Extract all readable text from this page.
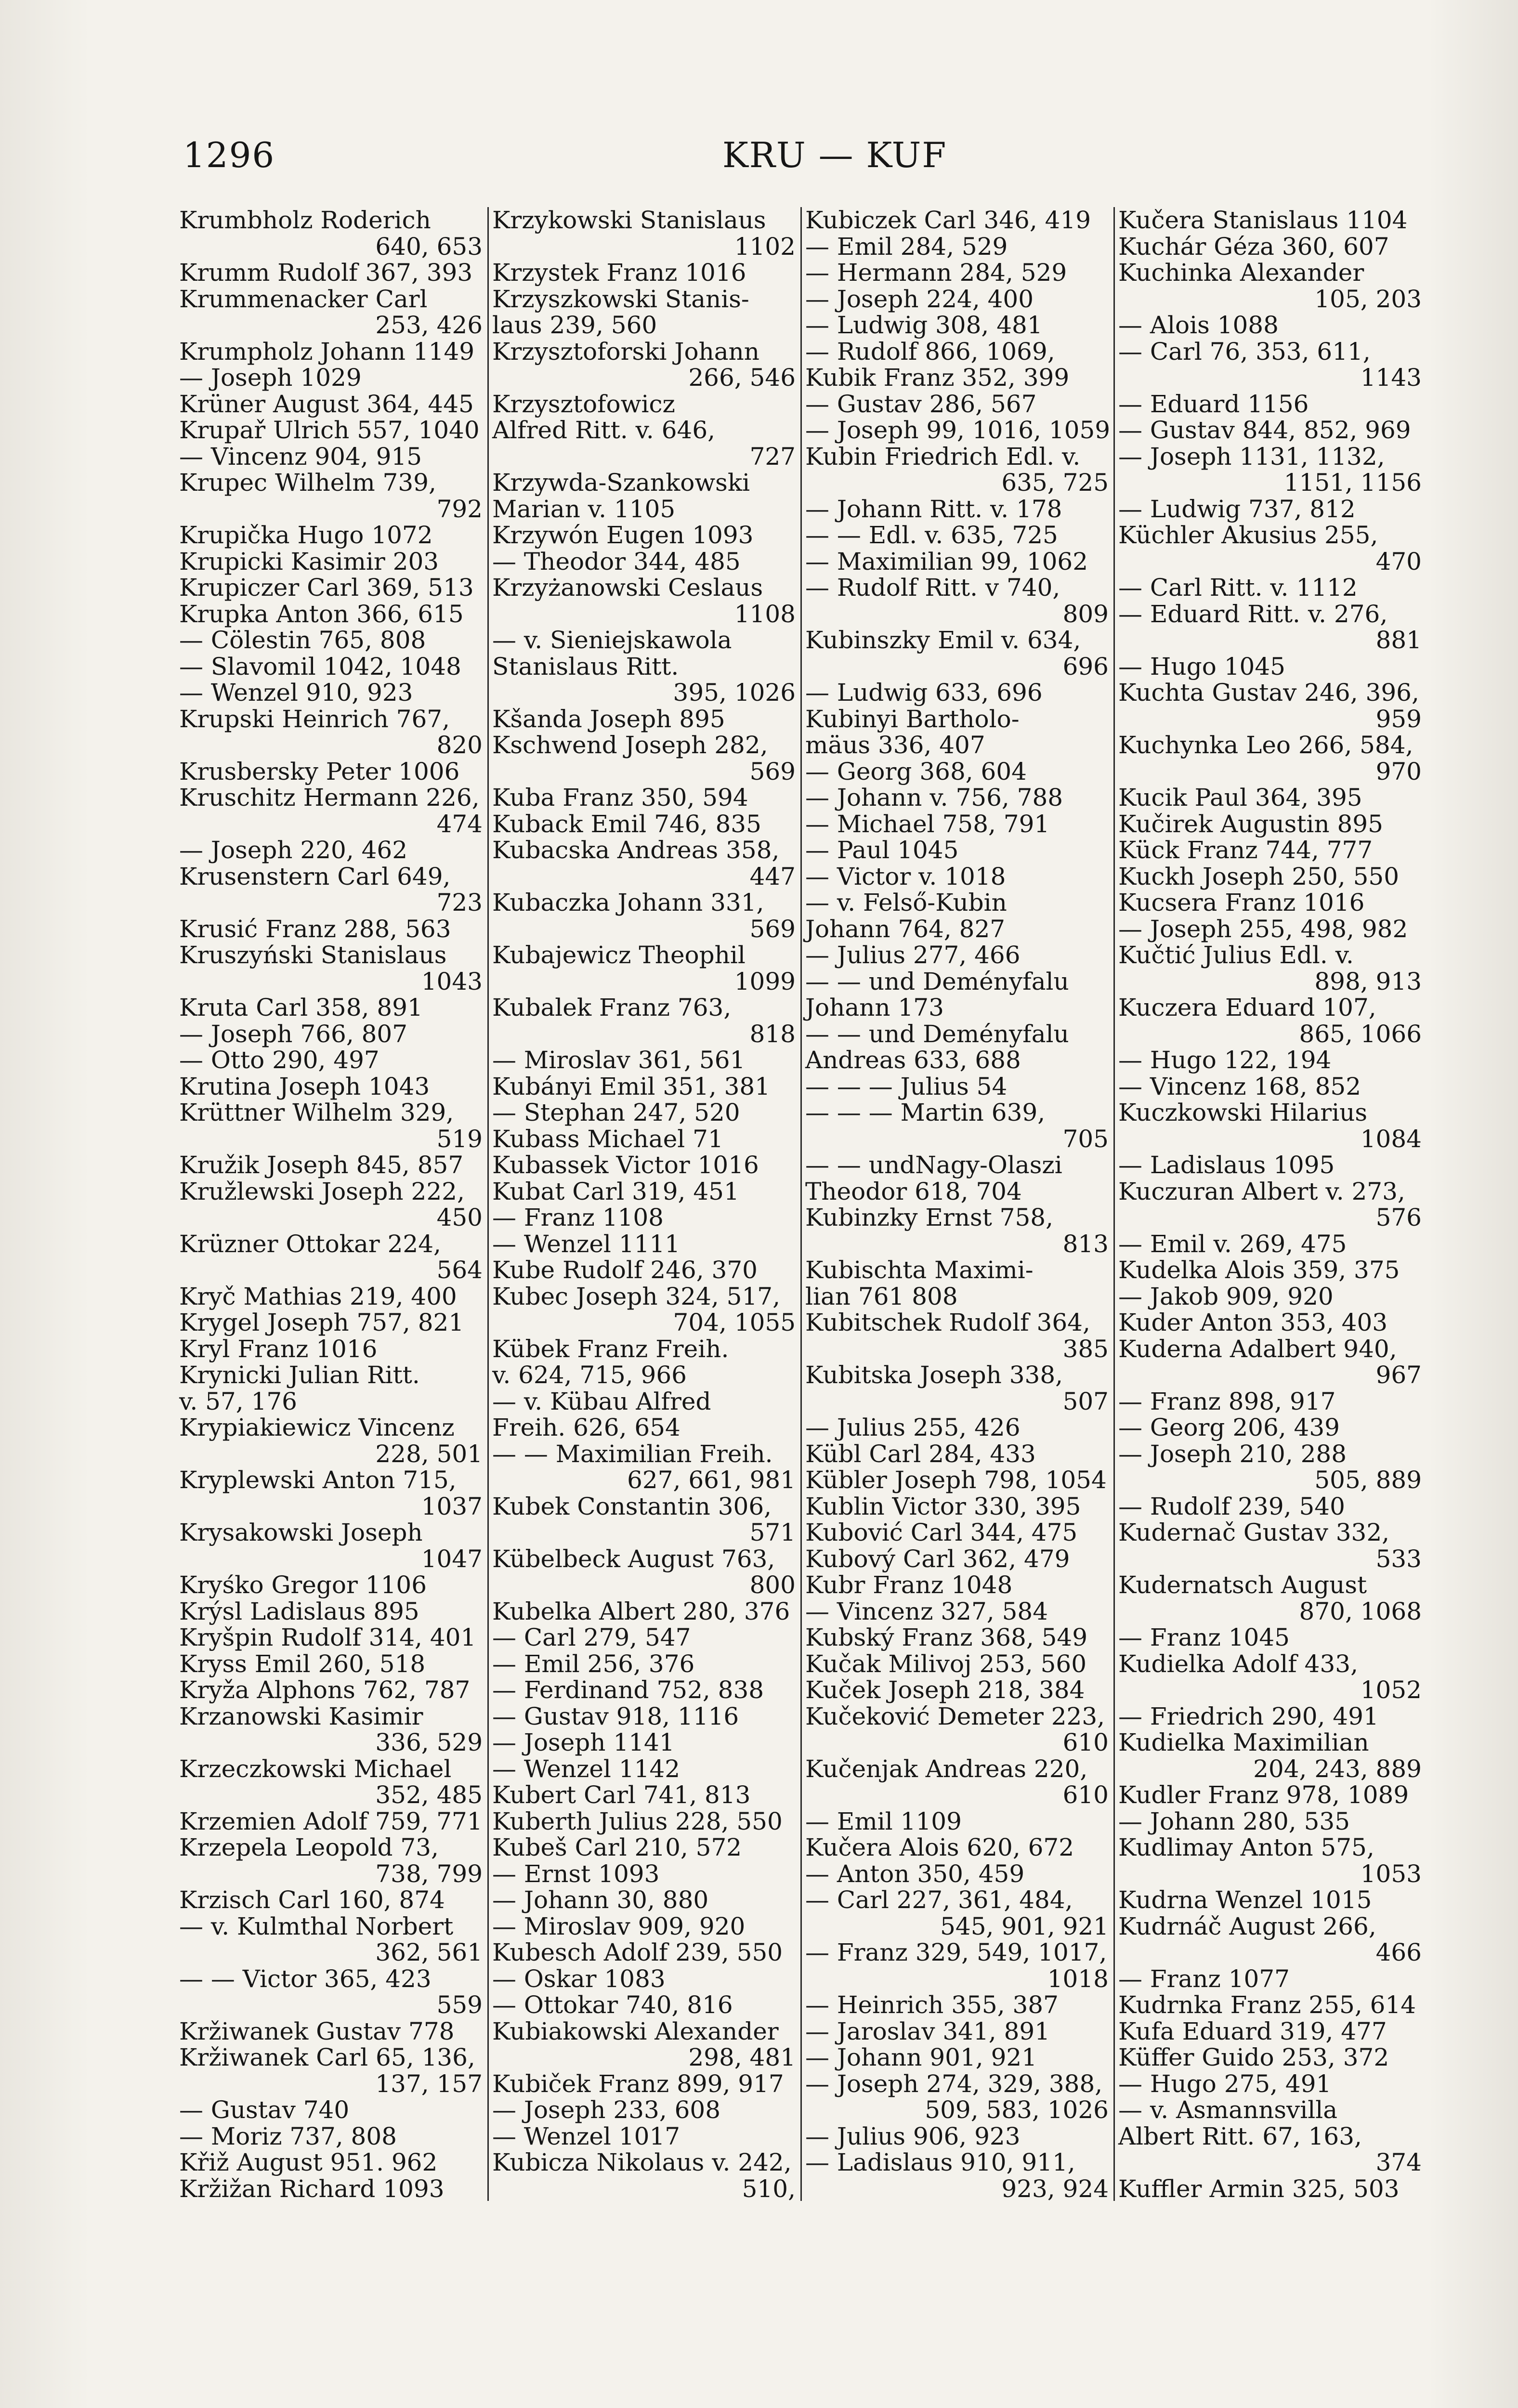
1296	KRU — KUF
Krumbholz Roderich
640, 653
Krumm Rudolf 367, 393
Krummenacker Carl
253, 426
Krumpholz Johann 1149
— Joseph 1029
Krüner August 364, 445
Krupař Ulrich 557, 1040
— Vincenz 904, 915
Krupec Wilhelm 739,
792
Krupička Hugo 1072
Krupicki Kasimir 203
Krupiczer Carl 369, 513
Krupka Anton 366, 615
— Cölestin 765, 808
— Slavomil 1042, 1048
— Wenzel 910, 923
Krupski Heinrich 767,
820
Krusbersky Peter 1006
Kruschitz Hermann 226,
474
— Joseph 220, 462
Krusenstern Carl 649,
723
Krusić Franz 288, 563
Kruszyński Stanislaus
1043
Kruta Carl 358, 891
— Joseph 766, 807
— Otto 290, 497
Krutina Joseph 1043
Krüttner Wilhelm 329,
519
Kružik Joseph 845, 857
Kružlewski Joseph 222,
450
Krüzner Ottokar 224,
564
Kryč Mathias 219, 400
Krygel Joseph 757, 821
Kryl Franz 1016
Krynicki Julian Ritt.
v. 57, 176
Krypiakiewicz Vincenz
228, 501
Kryplewski Anton 715,
1037
Krysakowski Joseph
1047
Kryśko Gregor 1106
Krýsl Ladislaus 895
Kryšpin Rudolf 314, 401
Kryss Emil 260, 518
Kryža Alphons 762, 787
Krzanowski Kasimir
336, 529
Krzeczkowski Michael
352, 485
Krzemien Adolf 759, 771
Krzepela Leopold 73,
738, 799
Krzisch Carl 160, 874
— v. Kulmthal Norbert
362, 561
— — Victor 365, 423
559
Kržiwanek Gustav 778
Kržiwanek Carl 65, 136,
137, 157
— Gustav 740
— Moriz 737, 808
Křiž August 951. 962
Kržižan Richard 1093
Krzykowski Stanislaus
1102
Krzystek Franz 1016
Krzyszkowski Stanis-
laus 239, 560
Krzysztoforski Johann
266, 546
Krzysztofowicz
Alfred Ritt. v. 646,
727
Krzywda-Szankowski
Marian v. 1105
Krzywón Eugen 1093
— Theodor 344, 485
Krzyżanowski Ceslaus
1108
— v. Sieniejskawola
Stanislaus Ritt.
395, 1026
Kšanda Joseph 895
Kschwend Joseph 282,
569
Kuba Franz 350, 594
Kuback Emil 746, 835
Kubacska Andreas 358,
447
Kubaczka Johann 331,
569
Kubajewicz Theophil
1099
Kubalek Franz 763,
818
— Miroslav 361, 561
Kubányi Emil 351, 381
— Stephan 247, 520
Kubass Michael 71
Kubassek Victor 1016
Kubat Carl 319, 451
— Franz 1108
— Wenzel 1111
Kube Rudolf 246, 370
Kubec Joseph 324, 517,
704, 1055
Kübek Franz Freih.
v. 624, 715, 966
— v. Kübau Alfred
Freih. 626, 654
— — Maximilian Freih.
627, 661, 981
Kubek Constantin 306,
571
Kübelbeck August 763,
800
Kubelka Albert 280, 376
— Carl 279, 547
— Emil 256, 376
— Ferdinand 752, 838
— Gustav 918, 1116
— Joseph 1141
— Wenzel 1142
Kubert Carl 741, 813
Kuberth Julius 228, 550
Kubeš Carl 210, 572
— Ernst 1093
— Johann 30, 880
— Miroslav 909, 920
Kubesch Adolf 239, 550
— Oskar 1083
— Ottokar 740, 816
Kubiakowski Alexander
298, 481
Kubiček Franz 899, 917
— Joseph 233, 608
— Wenzel 1017
Kubicza Nikolaus v. 242,
510,
Kubiczek Carl 346, 419
— Emil 284, 529
— Hermann 284, 529
— Joseph 224, 400
— Ludwig 308, 481
— Rudolf 866, 1069,
Kubik Franz 352, 399
— Gustav 286, 567
— Joseph 99, 1016, 1059
Kubin Friedrich Edl. v.
635, 725
— Johann Ritt. v. 178
— — Edl. v. 635, 725
— Maximilian 99, 1062
— Rudolf Ritt. v 740,
809
Kubinszky Emil v. 634,
696
— Ludwig 633, 696
Kubinyi Bartholo-
mäus 336, 407
— Georg 368, 604
— Johann v. 756, 788
— Michael 758, 791
— Paul 1045
— Victor v. 1018
— v. Felső-Kubin
Johann 764, 827
— Julius 277, 466
— — und Deményfalu
Johann 173
— — und Deményfalu
Andreas 633, 688
— — — Julius 54
— — — Martin 639,
705
— — undNagy-Olaszi
Theodor 618, 704
Kubinzky Ernst 758,
813
Kubischta Maximi-
lian 761 808
Kubitschek Rudolf 364,
385
Kubitska Joseph 338,
507
— Julius 255, 426
Kübl Carl 284, 433
Kübler Joseph 798, 1054
Kublin Victor 330, 395
Kubović Carl 344, 475
Kubový Carl 362, 479
Kubr Franz 1048
— Vincenz 327, 584
Kubský Franz 368, 549
Kučak Milivoj 253, 560
Kuček Joseph 218, 384
Kučeković Demeter 223,
610
Kučenjak Andreas 220,
610
— Emil 1109
Kučera Alois 620, 672
— Anton 350, 459
— Carl 227, 361, 484,
545, 901, 921
— Franz 329, 549, 1017,
1018
— Heinrich 355, 387
— Jaroslav 341, 891
— Johann 901, 921
— Joseph 274, 329, 388,
509, 583, 1026
— Julius 906, 923
— Ladislaus 910, 911,
923, 924
Kučera Stanislaus 1104
Kuchár Géza 360, 607
Kuchinka Alexander
105, 203
— Alois 1088
— Carl 76, 353, 611,
1143
— Eduard 1156
— Gustav 844, 852, 969
— Joseph 1131, 1132,
1151, 1156
— Ludwig 737, 812
Küchler Akusius 255,
470
— Carl Ritt. v. 1112
— Eduard Ritt. v. 276,
881
— Hugo 1045
Kuchta Gustav 246, 396,
959
Kuchynka Leo 266, 584,
970
Kucik Paul 364, 395
Kučirek Augustin 895
Kück Franz 744, 777
Kuckh Joseph 250, 550
Kucsera Franz 1016
— Joseph 255, 498, 982
Kučtić Julius Edl. v.
898, 913
Kuczera Eduard 107,
865, 1066
— Hugo 122, 194
— Vincenz 168, 852
Kuczkowski Hilarius
1084
— Ladislaus 1095
Kuczuran Albert v. 273,
576
— Emil v. 269, 475
Kudelka Alois 359, 375
— Jakob 909, 920
Kuder Anton 353, 403
Kuderna Adalbert 940,
967
— Franz 898, 917
— Georg 206, 439
— Joseph 210, 288
505, 889
— Rudolf 239, 540
Kudernač Gustav 332,
533
Kudernatsch August
870, 1068
— Franz 1045
Kudielka Adolf 433,
1052
— Friedrich 290, 491
Kudielka Maximilian
204, 243, 889
Kudler Franz 978, 1089
— Johann 280, 535
Kudlimay Anton 575,
1053
Kudrna Wenzel 1015
Kudrnáč August 266,
466
— Franz 1077
Kudrnka Franz 255, 614
Kufa Eduard 319, 477
Küffer Guido 253, 372
— Hugo 275, 491
— v. Asmannsvilla
Albert Ritt. 67, 163,
374
Kuffler Armin 325, 503
